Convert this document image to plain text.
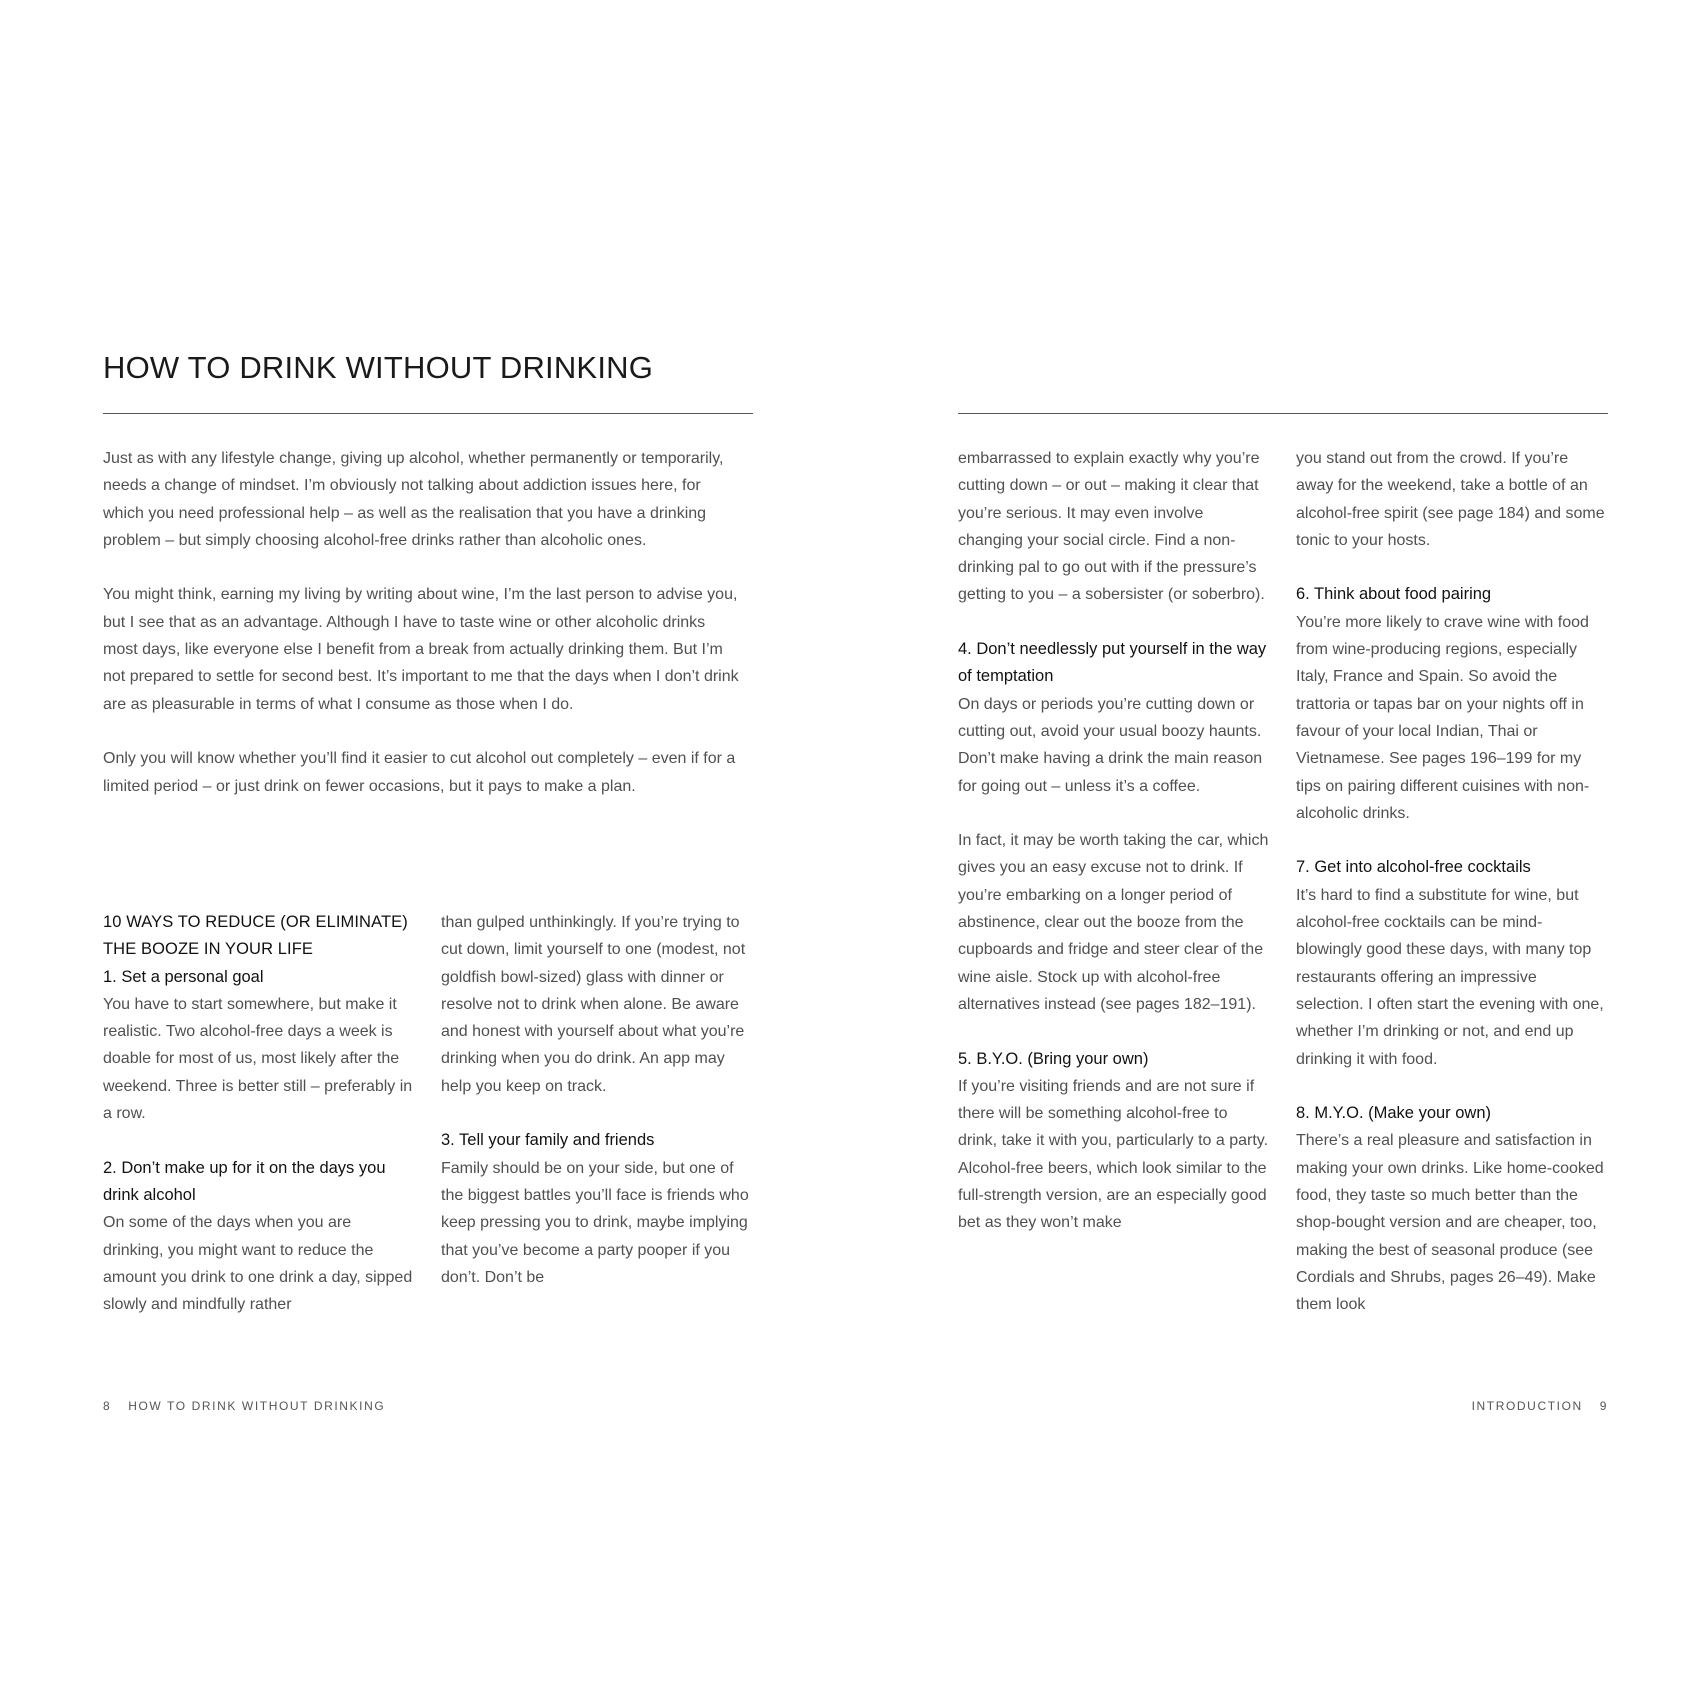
HOW TO DRINK WITHOUT DRINKING

Just as with any lifestyle change, giving up alcohol, whether permanently or temporarily, needs a change of mindset. I’m obviously not talking about addiction issues here, for which you need professional help – as well as the realisation that you have a drinking problem – but simply choosing alcohol-free drinks rather than alcoholic ones.

You might think, earning my living by writing about wine, I’m the last person to advise you, but I see that as an advantage. Although I have to taste wine or other alcoholic drinks most days, like everyone else I benefit from a break from actually drinking them. But I’m not prepared to settle for second best. It’s important to me that the days when I don’t drink are as pleasurable in terms of what I consume as those when I do.

Only you will know whether you’ll find it easier to cut alcohol out completely – even if for a limited period – or just drink on fewer occasions, but it pays to make a plan.

10 WAYS TO REDUCE (OR ELIMINATE) THE BOOZE IN YOUR LIFE
1. Set a personal goal

You have to start somewhere, but make it realistic. Two alcohol-free days a week is doable for most of us, most likely after the weekend. Three is better still – preferably in a row.

2. Don’t make up for it on the days you drink alcohol

On some of the days when you are drinking, you might want to reduce the amount you drink to one drink a day, sipped slowly and mindfully rather

than gulped unthinkingly. If you’re trying to cut down, limit yourself to one (modest, not goldfish bowl-sized) glass with dinner or resolve not to drink when alone. Be aware and honest with yourself about what you’re drinking when you do drink. An app may help you keep on track.

3. Tell your family and friends

Family should be on your side, but one of the biggest battles you’ll face is friends who keep pressing you to drink, maybe implying that you’ve become a party pooper if you don’t. Don’t be

embarrassed to explain exactly why you’re cutting down – or out – making it clear that you’re serious. It may even involve changing your social circle. Find a non-drinking pal to go out with if the pressure’s getting to you – a sobersister (or soberbro).

4. Don’t needlessly put yourself in the way of temptation

On days or periods you’re cutting down or cutting out, avoid your usual boozy haunts. Don’t make having a drink the main reason for going out – unless it’s a coffee.

In fact, it may be worth taking the car, which gives you an easy excuse not to drink. If you’re embarking on a longer period of abstinence, clear out the booze from the cupboards and fridge and steer clear of the wine aisle. Stock up with alcohol-free alternatives instead (see pages 182–191).

5. B.Y.O. (Bring your own)

If you’re visiting friends and are not sure if there will be something alcohol-free to drink, take it with you, particularly to a party. Alcohol-free beers, which look similar to the full-strength version, are an especially good bet as they won’t make

you stand out from the crowd. If you’re away for the weekend, take a bottle of an alcohol-free spirit (see page 184) and some tonic to your hosts.

6. Think about food pairing

You’re more likely to crave wine with food from wine-producing regions, especially Italy, France and Spain. So avoid the trattoria or tapas bar on your nights off in favour of your local Indian, Thai or Vietnamese. See pages 196–199 for my tips on pairing different cuisines with non-alcoholic drinks.

7. Get into alcohol-free cocktails

It’s hard to find a substitute for wine, but alcohol-free cocktails can be mind-blowingly good these days, with many top restaurants offering an impressive selection. I often start the evening with one, whether I’m drinking or not, and end up drinking it with food.

8. M.Y.O. (Make your own)

There’s a real pleasure and satisfaction in making your own drinks. Like home-cooked food, they taste so much better than the shop-bought version and are cheaper, too, making the best of seasonal produce (see Cordials and Shrubs, pages 26–49). Make them look

8 HOW TO DRINK WITHOUT DRINKING	INTRODUCTION 9
